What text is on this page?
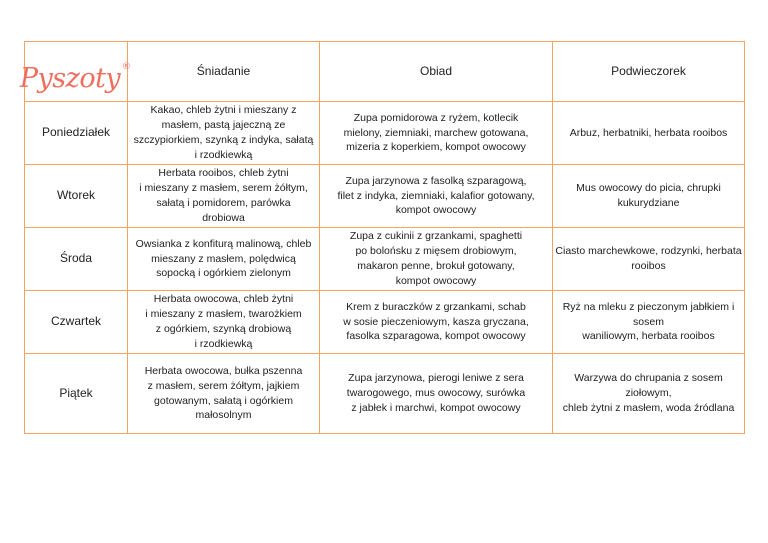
Pyszoty ®	Śniadanie	Obiad	Podwieczorek
Poniedziałek	Kakao, chleb żytni i mieszany z
masłem, pastą jajeczną ze
szczypiorkiem, szynką z indyka, sałatą
i rzodkiewką	Zupa pomidorowa z ryżem, kotlecik
mielony, ziemniaki, marchew gotowana,
mizeria z koperkiem, kompot owocowy	Arbuz, herbatniki, herbata rooibos
Wtorek	Herbata rooibos, chleb żytni
i mieszany z masłem, serem żółtym,
sałatą i pomidorem, parówka
drobiowa	Zupa jarzynowa z fasolką szparagową,
filet z indyka, ziemniaki, kalafior gotowany,
kompot owocowy	Mus owocowy do picia, chrupki kukurydziane
Środa	Owsianka z konfiturą malinową, chleb
mieszany z masłem, polędwicą
sopocką i ogórkiem zielonym	Zupa z cukinii z grzankami, spaghetti
po bolońsku z mięsem drobiowym,
makaron penne, brokuł gotowany,
kompot owocowy	Ciasto marchewkowe, rodzynki, herbata
rooibos
Czwartek	Herbata owocowa, chleb żytni
i mieszany z masłem, twarożkiem
z ogórkiem, szynką drobiową
i rzodkiewką	Krem z buraczków z grzankami, schab
w sosie pieczeniowym, kasza gryczana,
fasolka szparagowa, kompot owocowy	Ryż na mleku z pieczonym jabłkiem i sosem
waniliowym, herbata rooibos
Piątek	Herbata owocowa, bułka pszenna
z masłem, serem żółtym, jajkiem
gotowanym, sałatą i ogórkiem
małosolnym	Zupa jarzynowa, pierogi leniwe z sera
twarogowego, mus owocowy, surówka
z jabłek i marchwi, kompot owocowy	Warzywa do chrupania z sosem ziołowym,
chleb żytni z masłem, woda źródlana
